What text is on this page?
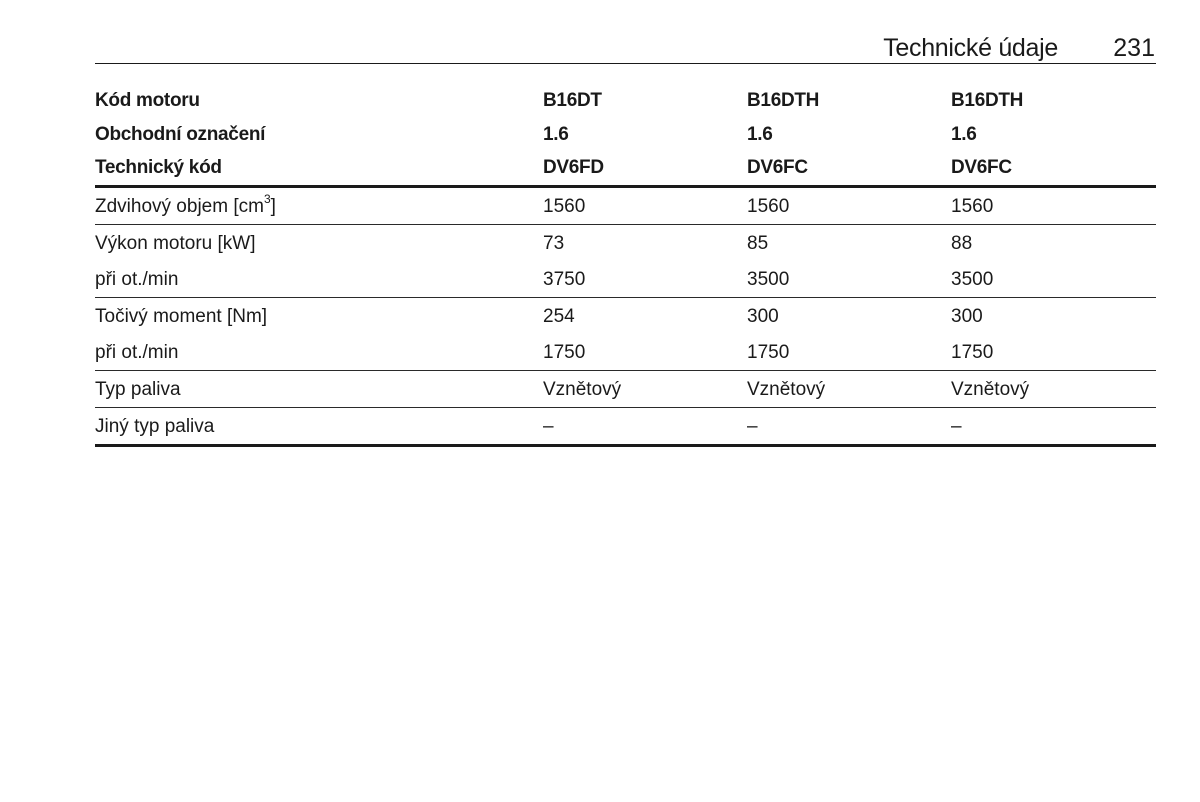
Technické údaje 231
Kód motoru	B16DT	B16DTH	B16DTH
Obchodní označení	1.6	1.6	1.6
Technický kód	DV6FD	DV6FC	DV6FC
Zdvihový objem $[cm^3]$	1560	1560	1560
Výkon motoru [kW]	73	85	88
při ot./min	3750	3500	3500
Točivý moment [Nm]	254	300	300
při ot./min	1750	1750	1750
Typ paliva	Vznětový	Vznětový	Vznětový
Jiný typ paliva	–	–	–
